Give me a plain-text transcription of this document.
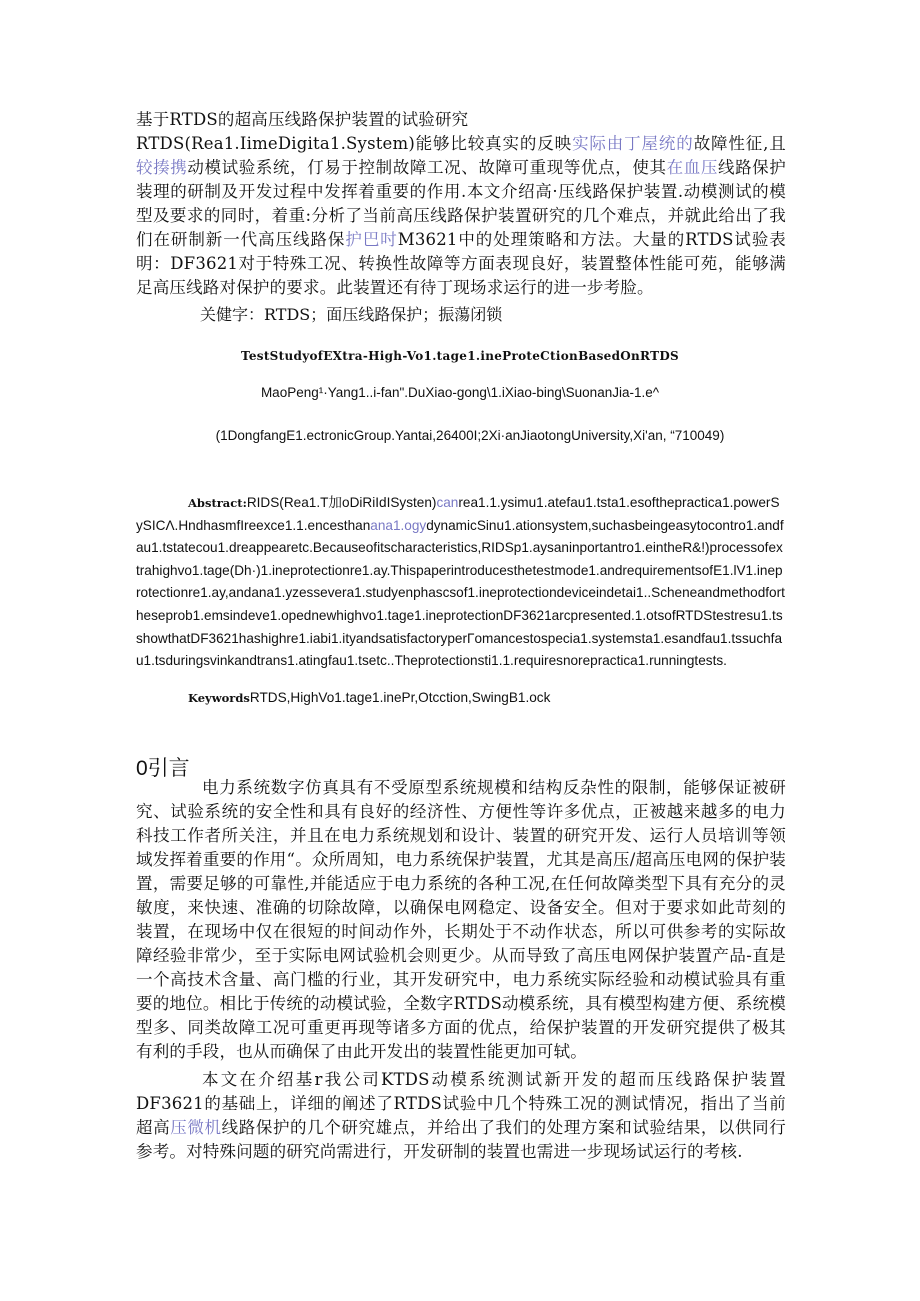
基于RTDS的超高压线路保护装置的试验研究
RTDS(Rea1.IimeDigita1.System)能够比较真实的反映实际由丁屋统的故障性征,且较揍携动模试验系统，仃易于控制故障工况、故障可重现等优点，使其在血压线路保护装理的研制及开发过程中发挥着重要的作用.本文介绍高·压线路保护装置.动模测试的模型及要求的同时，着重:分析了当前高压线路保护装置研究的几个难点，并就此给出了我们在研制新一代高压线路保护巴吋M3621中的处理策略和方法。大量的RTDS试验表明：DF3621对于特殊工况、转换性故障等方面表现良好，装置整体性能可苑，能够满足高压线路对保护的要求。此装置还有待丁现场求运行的进一步考脸。
关健字：RTDS；面压线路保护；振蕩闭锁
TestStudyofEXtra-High-Vo1.tage1.ineProteCtionBasedOnRTDS
MaoPeng¹·Yang1..i-fan".DuXiao-gong\1.iXiao-bing\SuonanJia-1.e^
(1DongfangE1.ectronicGroup.Yantai,26400I;2Xi·anJiaotongUniversity,Xi'an, “710049)
Abstract:RIDS(Rea1.T加oDiRiIdISysten)canrea1.1.ysimu1.atefau1.tsta1.esofthepractica1.powerSySICΛ.HndhasmfIreexce1.1.encesthanana1.ogydynamicSinu1.ationsystem,suchasbeingeasytocontro1.andfau1.tstatecou1.dreappearetc.Becauseofitscharacteristics,RIDSp1.aysaninportantro1.eintheR&!)processofextrahighvo1.tage(Dh·)1.ineprotectionre1.ay.Thispaperintroducesthetestmode1.andrequirementsofE1.lV1.ineprotectionre1.ay,andana1.yzessevera1.studyenphascsof1.ineprotectiondeviceindetai1..Scheneandmethodfortheseprob1.emsindeve1.opednewhighvo1.tage1.ineprotectionDF3621arcpresented.1.otsofRTDStestresu1.tsshowthatDF3621hashighre1.iabi1.ityandsatisfactoryperΓomancestospecia1.systemsta1.esandfau1.tssuchfau1.tsduringsvinkandtrans1.atingfau1.tsetc..Theprotectionsti1.1.requiresnorepractica1.runningtests.
KeywordsRTDS,HighVo1.tage1.inePr,Otcction,SwingB1.ock
0引言
电力系统数字仿真具有不受原型系统规模和结构反杂性的限制，能够保证被研究、试验系统的安全性和具有良好的经济性、方便性等许多优点，正被越来越多的电力科技工作者所关注，并且在电力系统规划和设计、装置的研究开发、运行人员培训等领域发挥着重要的作用“。众所周知，电力系统保护装置，尤其是高压/超高压电网的保护装置，需要足够的可靠性,并能适应于电力系统的各种工况,在任何故障类型下具有充分的灵敏度，来快速、准确的切除故障，以确保电网稳定、设备安全。但对于要求如此苛刻的装置，在现场中仅在很短的时间动作外，长期处于不动作状态，所以可供参考的实际故障经验非常少，至于实际电网试验机会则更少。从而导致了高压电网保护装置产品-直是一个高技术含量、高门槛的行业，其开发研究中，电力系统实际经验和动模试验具有重要的地位。相比于传统的动模试验，全数字RTDS动模系统，具有模型构建方便、系统模型多、同类故障工况可重更再现等诸多方面的优点，给保护装置的开发研究提供了极其有利的手段，也从而确保了由此开发出的装置性能更加可轼。
本文在介绍基r我公司KTDS动模系统测试新开发的超而压线路保护装置DF3621的基础上，详细的阐述了RTDS试验中几个特殊工况的测试情况，指出了当前超高压微机线路保护的几个研究雄点，并给出了我们的处理方案和试验结果，以供同行参考。对特殊问题的研究尚需进行，开发研制的装置也需进一步现场试运行的考核.
